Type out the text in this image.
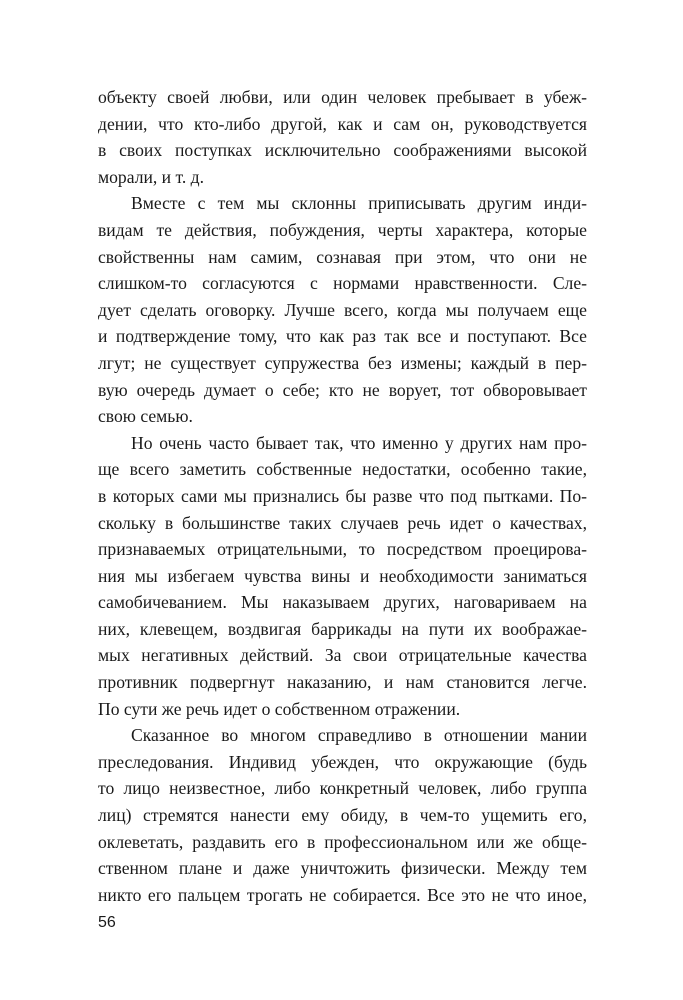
объекту своей любви, или один человек пребывает в убеж-
дении, что кто-либо другой, как и сам он, руководствуется
в своих поступках исключительно соображениями высокой
морали, и т. д.
Вместе с тем мы склонны приписывать другим инди-
видам те действия, побуждения, черты характера, которые
свойственны нам самим, сознавая при этом, что они не
слишком-то согласуются с нормами нравственности. Сле-
дует сделать оговорку. Лучше всего, когда мы получаем еще
и подтверждение тому, что как раз так все и поступают. Все
лгут; не существует супружества без измены; каждый в пер-
вую очередь думает о себе; кто не ворует, тот обворовывает
свою семью.
Но очень часто бывает так, что именно у других нам про-
ще всего заметить собственные недостатки, особенно такие,
в которых сами мы признались бы разве что под пытками. По-
скольку в большинстве таких случаев речь идет о качествах,
признаваемых отрицательными, то посредством проецирова-
ния мы избегаем чувства вины и необходимости заниматься
самобичеванием. Мы наказываем других, наговариваем на
них, клевещем, воздвигая баррикады на пути их воображае-
мых негативных действий. За свои отрицательные качества
противник подвергнут наказанию, и нам становится легче.
По сути же речь идет о собственном отражении.
Сказанное во многом справедливо в отношении мании
преследования. Индивид убежден, что окружающие (будь
то лицо неизвестное, либо конкретный человек, либо группа
лиц) стремятся нанести ему обиду, в чем-то ущемить его,
оклеветать, раздавить его в профессиональном или же обще-
ственном плане и даже уничтожить физически. Между тем
никто его пальцем трогать не собирается. Все это не что иное,
56
